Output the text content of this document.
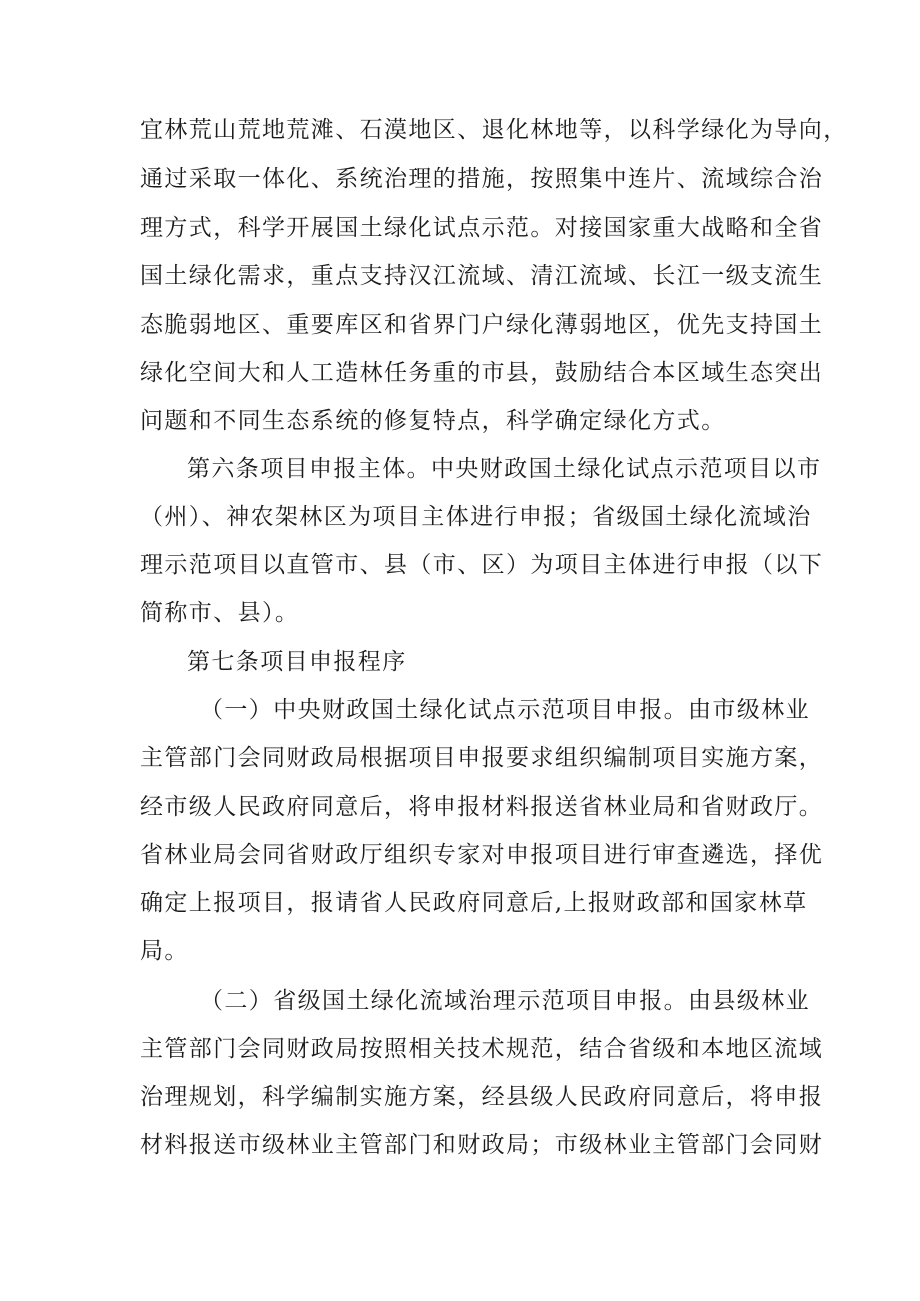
宜林荒山荒地荒滩、石漠地区、退化林地等，以科学绿化为导向，

通过采取一体化、系统治理的措施，按照集中连片、流域综合治

理方式，科学开展国土绿化试点示范。对接国家重大战略和全省

国土绿化需求，重点支持汉江流域、清江流域、长江一级支流生

态脆弱地区、重要库区和省界门户绿化薄弱地区，优先支持国土

绿化空间大和人工造林任务重的市县，鼓励结合本区域生态突出

问题和不同生态系统的修复特点，科学确定绿化方式。

第六条项目申报主体。中央财政国土绿化试点示范项目以市

（州）、神农架林区为项目主体进行申报；省级国土绿化流域治

理示范项目以直管市、县（市、区）为项目主体进行申报（以下

简称市、县）。

第七条项目申报程序

（一）中央财政国土绿化试点示范项目申报。由市级林业

主管部门会同财政局根据项目申报要求组织编制项目实施方案，

经市级人民政府同意后，将申报材料报送省林业局和省财政厅。

省林业局会同省财政厅组织专家对申报项目进行审查遴选，择优

确定上报项目，报请省人民政府同意后,上报财政部和国家林草

局。

（二）省级国土绿化流域治理示范项目申报。由县级林业

主管部门会同财政局按照相关技术规范，结合省级和本地区流域

治理规划，科学编制实施方案，经县级人民政府同意后，将申报

材料报送市级林业主管部门和财政局；市级林业主管部门会同财
